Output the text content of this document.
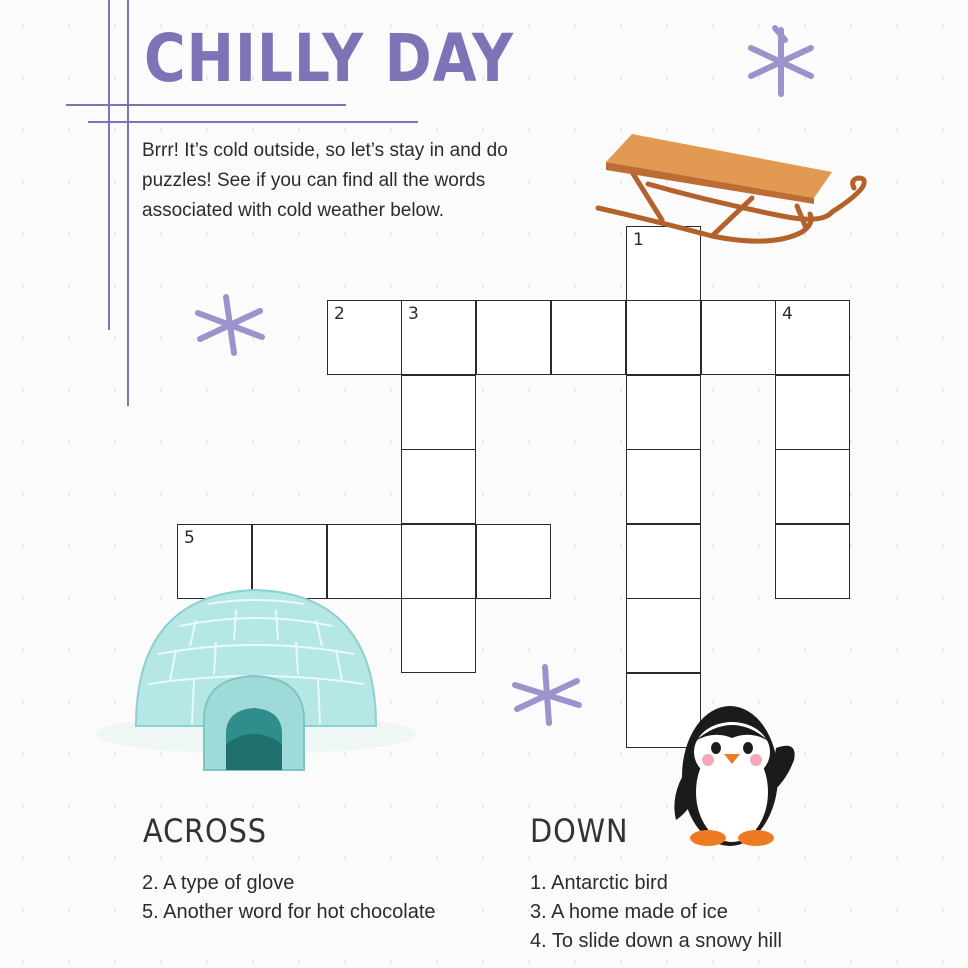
CHILLY DAY
Brrr! It’s cold outside, so let’s stay in and do puzzles! See if you can find all the words associated with cold weather below.
1
2	3	4
5
ACROSS
2. A type of glove
5. Another word for hot chocolate
DOWN
1. Antarctic bird
3. A home made of ice
4. To slide down a snowy hill
